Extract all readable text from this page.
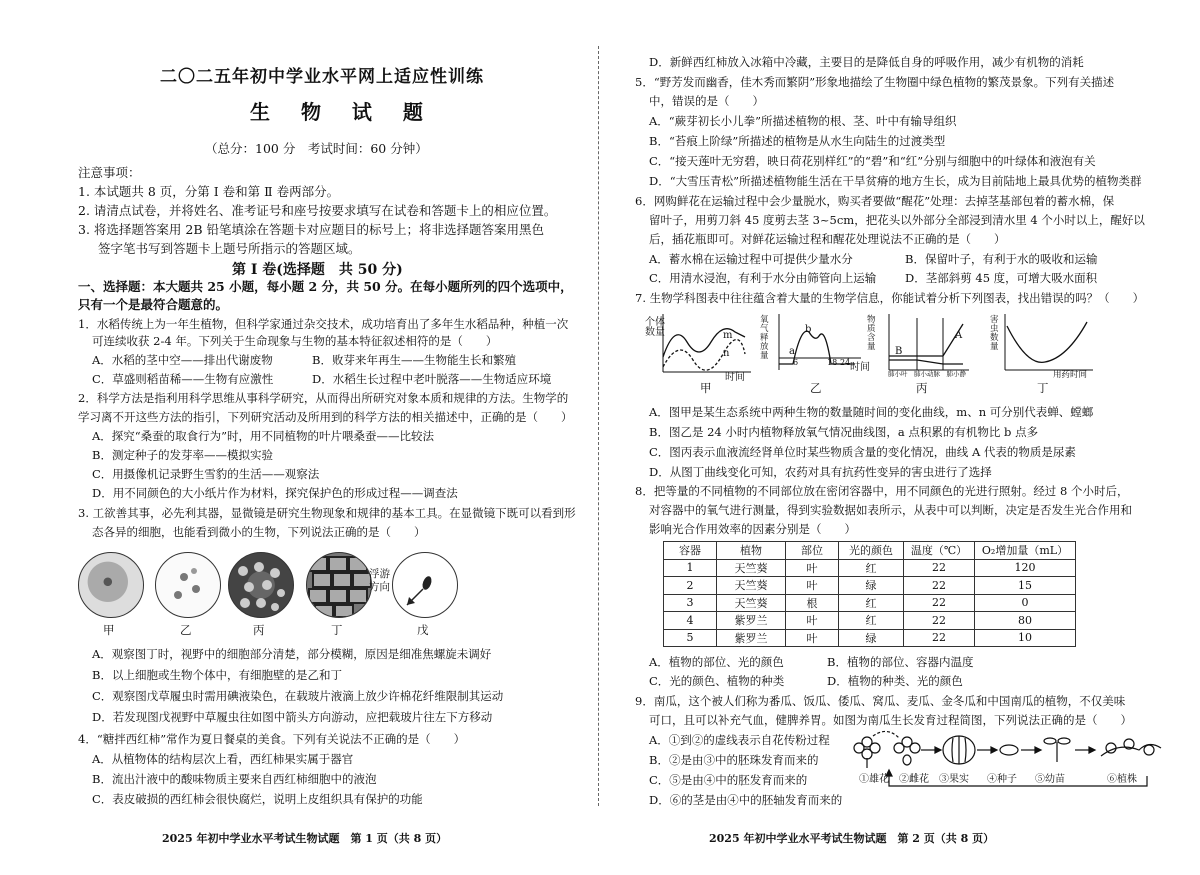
二〇二五年初中学业水平网上适应性训练
生 物 试 题
（总分：100 分　考试时间：60 分钟）
注意事项：
1. 本试题共 8 页，分第 Ⅰ 卷和第 Ⅱ 卷两部分。
2. 请清点试卷，并将姓名、准考证号和座号按要求填写在试卷和答题卡上的相应位置。
3. 将选择题答案用 2B 铅笔填涂在答题卡对应题目的标号上；将非选择题答案用黑色
签字笔书写到答题卡上题号所指示的答题区域。
第 Ⅰ 卷(选择题　共 50 分)
一、选择题：本大题共 25 小题，每小题 2 分，共 50 分。在每小题所列的四个选项中，
只有一个是最符合题意的。
1．水稻传统上为一年生植物，但科学家通过杂交技术，成功培育出了多年生水稻品种，种植一次
可连续收获 2-4 年。下列关于生命现象与生物的基本特征叙述相符的是（　　）
A．水稻的茎中空——排出代谢废物	B．败芽来年再生——生物能生长和繁殖
C．草盛则稻苗稀——生物有应激性	D．水稻生长过程中老叶脱落——生物适应环境
2．科学方法是指利用科学思维从事科学研究，从而得出所研究对象本质和规律的方法。生物学的
学习离不开这些方法的指引，下列研究活动及所用到的科学方法的相关描述中，正确的是（　　）
A．探究“桑蚕的取食行为”时，用不同植物的叶片喂桑蚕——比较法
B．测定种子的发芽率——模拟实验
C．用摄像机记录野生雪豹的生活——观察法
D．用不同颜色的大小纸片作为材料，探究保护色的形成过程——调查法
3. 工欲善其事，必先利其器，显微镜是研究生物现象和规律的基本工具。在显微镜下既可以看到形
态各异的细胞，也能看到微小的生物，下列说法正确的是（　　）
浮游
方向
甲	乙	丙	丁	戊
A．观察图丁时，视野中的细胞部分清楚，部分模糊，原因是细准焦螺旋未调好
B．以上细胞或生物个体中，有细胞壁的是乙和丁
C．观察图戊草履虫时需用碘液染色，在载玻片液滴上放少许棉花纤维限制其运动
D．若发现图戊视野中草履虫往如图中箭头方向游动，应把载玻片往左下方移动
4．“糖拌西红柿”常作为夏日餐桌的美食。下列有关说法不正确的是（　　）
A．从植物体的结构层次上看，西红柿果实属于器官
B．流出汁液中的酸味物质主要来自西红柿细胞中的液泡
C．表皮破损的西红柿会很快腐烂，说明上皮组织具有保护的功能
2025 年初中学业水平考试生物试题　第 1 页（共 8 页）
D．新鲜西红柿放入冰箱中冷藏，主要目的是降低自身的呼吸作用，减少有机物的消耗
5．“野芳发而幽香，佳木秀而繁阴”形象地描绘了生物圈中绿色植物的繁茂景象。下列有关描述
中，错误的是（　　）
A．“蕨芽初长小儿拳”所描述植物的根、茎、叶中有输导组织
B．“苔痕上阶绿”所描述的植物是从水生向陆生的过渡类型
C．“接天莲叶无穷碧，映日荷花别样红”的“碧”和“红”分别与细胞中的叶绿体和液泡有关
D．“大雪压青松”所描述植物能生活在干旱贫瘠的地方生长，成为目前陆地上最具优势的植物类群
6．网购鲜花在运输过程中会少量脱水，购买者要做“醒花”处理：去掉茎基部包着的蓄水棉，保
留叶子，用剪刀斜 45 度剪去茎 3~5cm，把花头以外部分全部浸到清水里 4 个小时以上，醒好以
后，插花瓶即可。对鲜花运输过程和醒花处理说法不正确的是（　　）
A．蓄水棉在运输过程中可提供少量水分	B．保留叶子，有利于水的吸收和运输
C．用清水浸泡，有利于水分由筛管向上运输 D．茎部斜剪 45 度，可增大吸水面积
7. 生物学科图表中往往蕴含着大量的生物学信息，你能试着分析下列图表，找出错误的吗？（　　）
个体
数量	m
n
时间
甲
氧
气
释
放
量
b
a
6	18 24 时间
乙
物
质
含
量
A
B
肺小叶　肺小动脉　肺小静
丙
害
虫
数
量
用药时间
丁
A．图甲是某生态系统中两种生物的数量随时间的变化曲线，m、n 可分别代表蝉、螳螂
B．图乙是 24 小时内植物释放氧气情况曲线图，a 点积累的有机物比 b 点多
C．图丙表示血液流经肾单位时某些物质含量的变化情况，曲线 A 代表的物质是尿素
D．从图丁曲线变化可知，农药对具有抗药性变异的害虫进行了选择
8．把等量的不同植物的不同部位放在密闭容器中，用不同颜色的光进行照射。经过 8 个小时后，
对容器中的氧气进行测量，得到实验数据如表所示，从表中可以判断，决定是否发生光合作用和
影响光合作用效率的因素分别是（　　）
容器	植物	部位	光的颜色	温度（℃）	O₂增加量（mL）
1	天竺葵	叶	红	22	120
2	天竺葵	叶	绿	22	15
3	天竺葵	根	红	22	0
4	紫罗兰	叶	红	22	80
5	紫罗兰	叶	绿	22	10
A．植物的部位、光的颜色	B．植物的部位、容器内温度
C．光的颜色、植物的种类	D．植物的种类、光的颜色
9．南瓜，这个被人们称为番瓜、饭瓜、倭瓜、窝瓜、麦瓜、金冬瓜和中国南瓜的植物，不仅美味
可口，且可以补充气血，健脾养胃。如图为南瓜生长发育过程简图，下列说法正确的是（　　）
A．①到②的虚线表示自花传粉过程
B．②是由③中的胚珠发育而来的
C．⑤是由④中的胚发育而来的
D．⑥的茎是由④中的胚轴发育而来的
①雄花 ②雌花 ③果实 ④种子 ⑤幼苗	⑥植株
2025 年初中学业水平考试生物试题　第 2 页（共 8 页）
